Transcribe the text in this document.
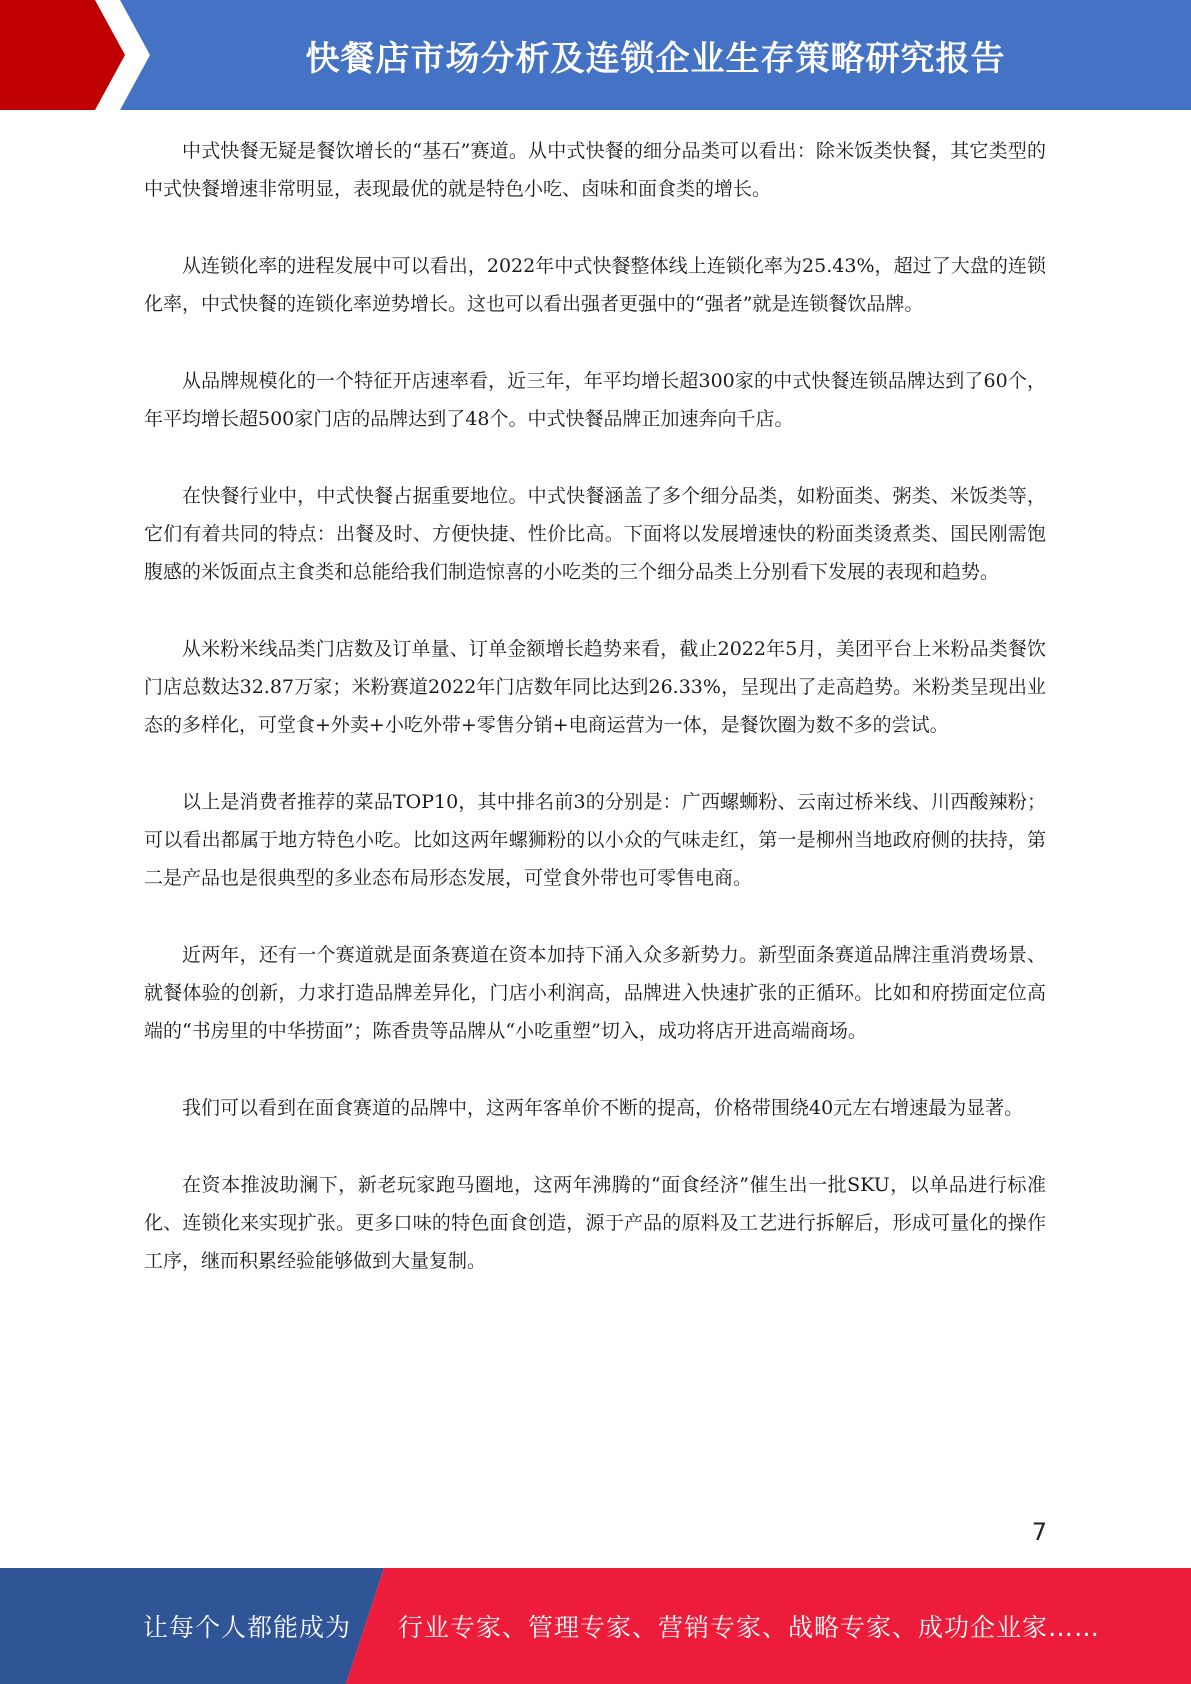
快餐店市场分析及连锁企业生存策略研究报告

中式快餐无疑是餐饮增长的“基石”赛道。从中式快餐的细分品类可以看出：除米饭类快餐，其它类型的中式快餐增速非常明显，表现最优的就是特色小吃、卤味和面食类的增长。

从连锁化率的进程发展中可以看出，2022年中式快餐整体线上连锁化率为25.43%，超过了大盘的连锁化率，中式快餐的连锁化率逆势增长。这也可以看出强者更强中的“强者”就是连锁餐饮品牌。

从品牌规模化的一个特征开店速率看，近三年，年平均增长超300家的中式快餐连锁品牌达到了60个，年平均增长超500家门店的品牌达到了48个。中式快餐品牌正加速奔向千店。

在快餐行业中，中式快餐占据重要地位。中式快餐涵盖了多个细分品类，如粉面类、粥类、米饭类等，它们有着共同的特点：出餐及时、方便快捷、性价比高。下面将以发展增速快的粉面类烫煮类、国民刚需饱腹感的米饭面点主食类和总能给我们制造惊喜的小吃类的三个细分品类上分别看下发展的表现和趋势。

从米粉米线品类门店数及订单量、订单金额增长趋势来看，截止2022年5月，美团平台上米粉品类餐饮门店总数达32.87万家；米粉赛道2022年门店数年同比达到26.33%，呈现出了走高趋势。米粉类呈现出业态的多样化，可堂食+外卖+小吃外带+零售分销+电商运营为一体，是餐饮圈为数不多的尝试。

以上是消费者推荐的菜品TOP10，其中排名前3的分别是：广西螺蛳粉、云南过桥米线、川西酸辣粉；可以看出都属于地方特色小吃。比如这两年螺狮粉的以小众的气味走红，第一是柳州当地政府侧的扶持，第二是产品也是很典型的多业态布局形态发展，可堂食外带也可零售电商。

近两年，还有一个赛道就是面条赛道在资本加持下涌入众多新势力。新型面条赛道品牌注重消费场景、就餐体验的创新，力求打造品牌差异化，门店小利润高，品牌进入快速扩张的正循环。比如和府捞面定位高端的“书房里的中华捞面”；陈香贵等品牌从“小吃重塑”切入，成功将店开进高端商场。

我们可以看到在面食赛道的品牌中，这两年客单价不断的提高，价格带围绕40元左右增速最为显著。

在资本推波助澜下，新老玩家跑马圈地，这两年沸腾的“面食经济”催生出一批SKU，以单品进行标准化、连锁化来实现扩张。更多口味的特色面食创造，源于产品的原料及工艺进行拆解后，形成可量化的操作工序，继而积累经验能够做到大量复制。

7
让每个人都能成为 行业专家、管理专家、营销专家、战略专家、成功企业家……
